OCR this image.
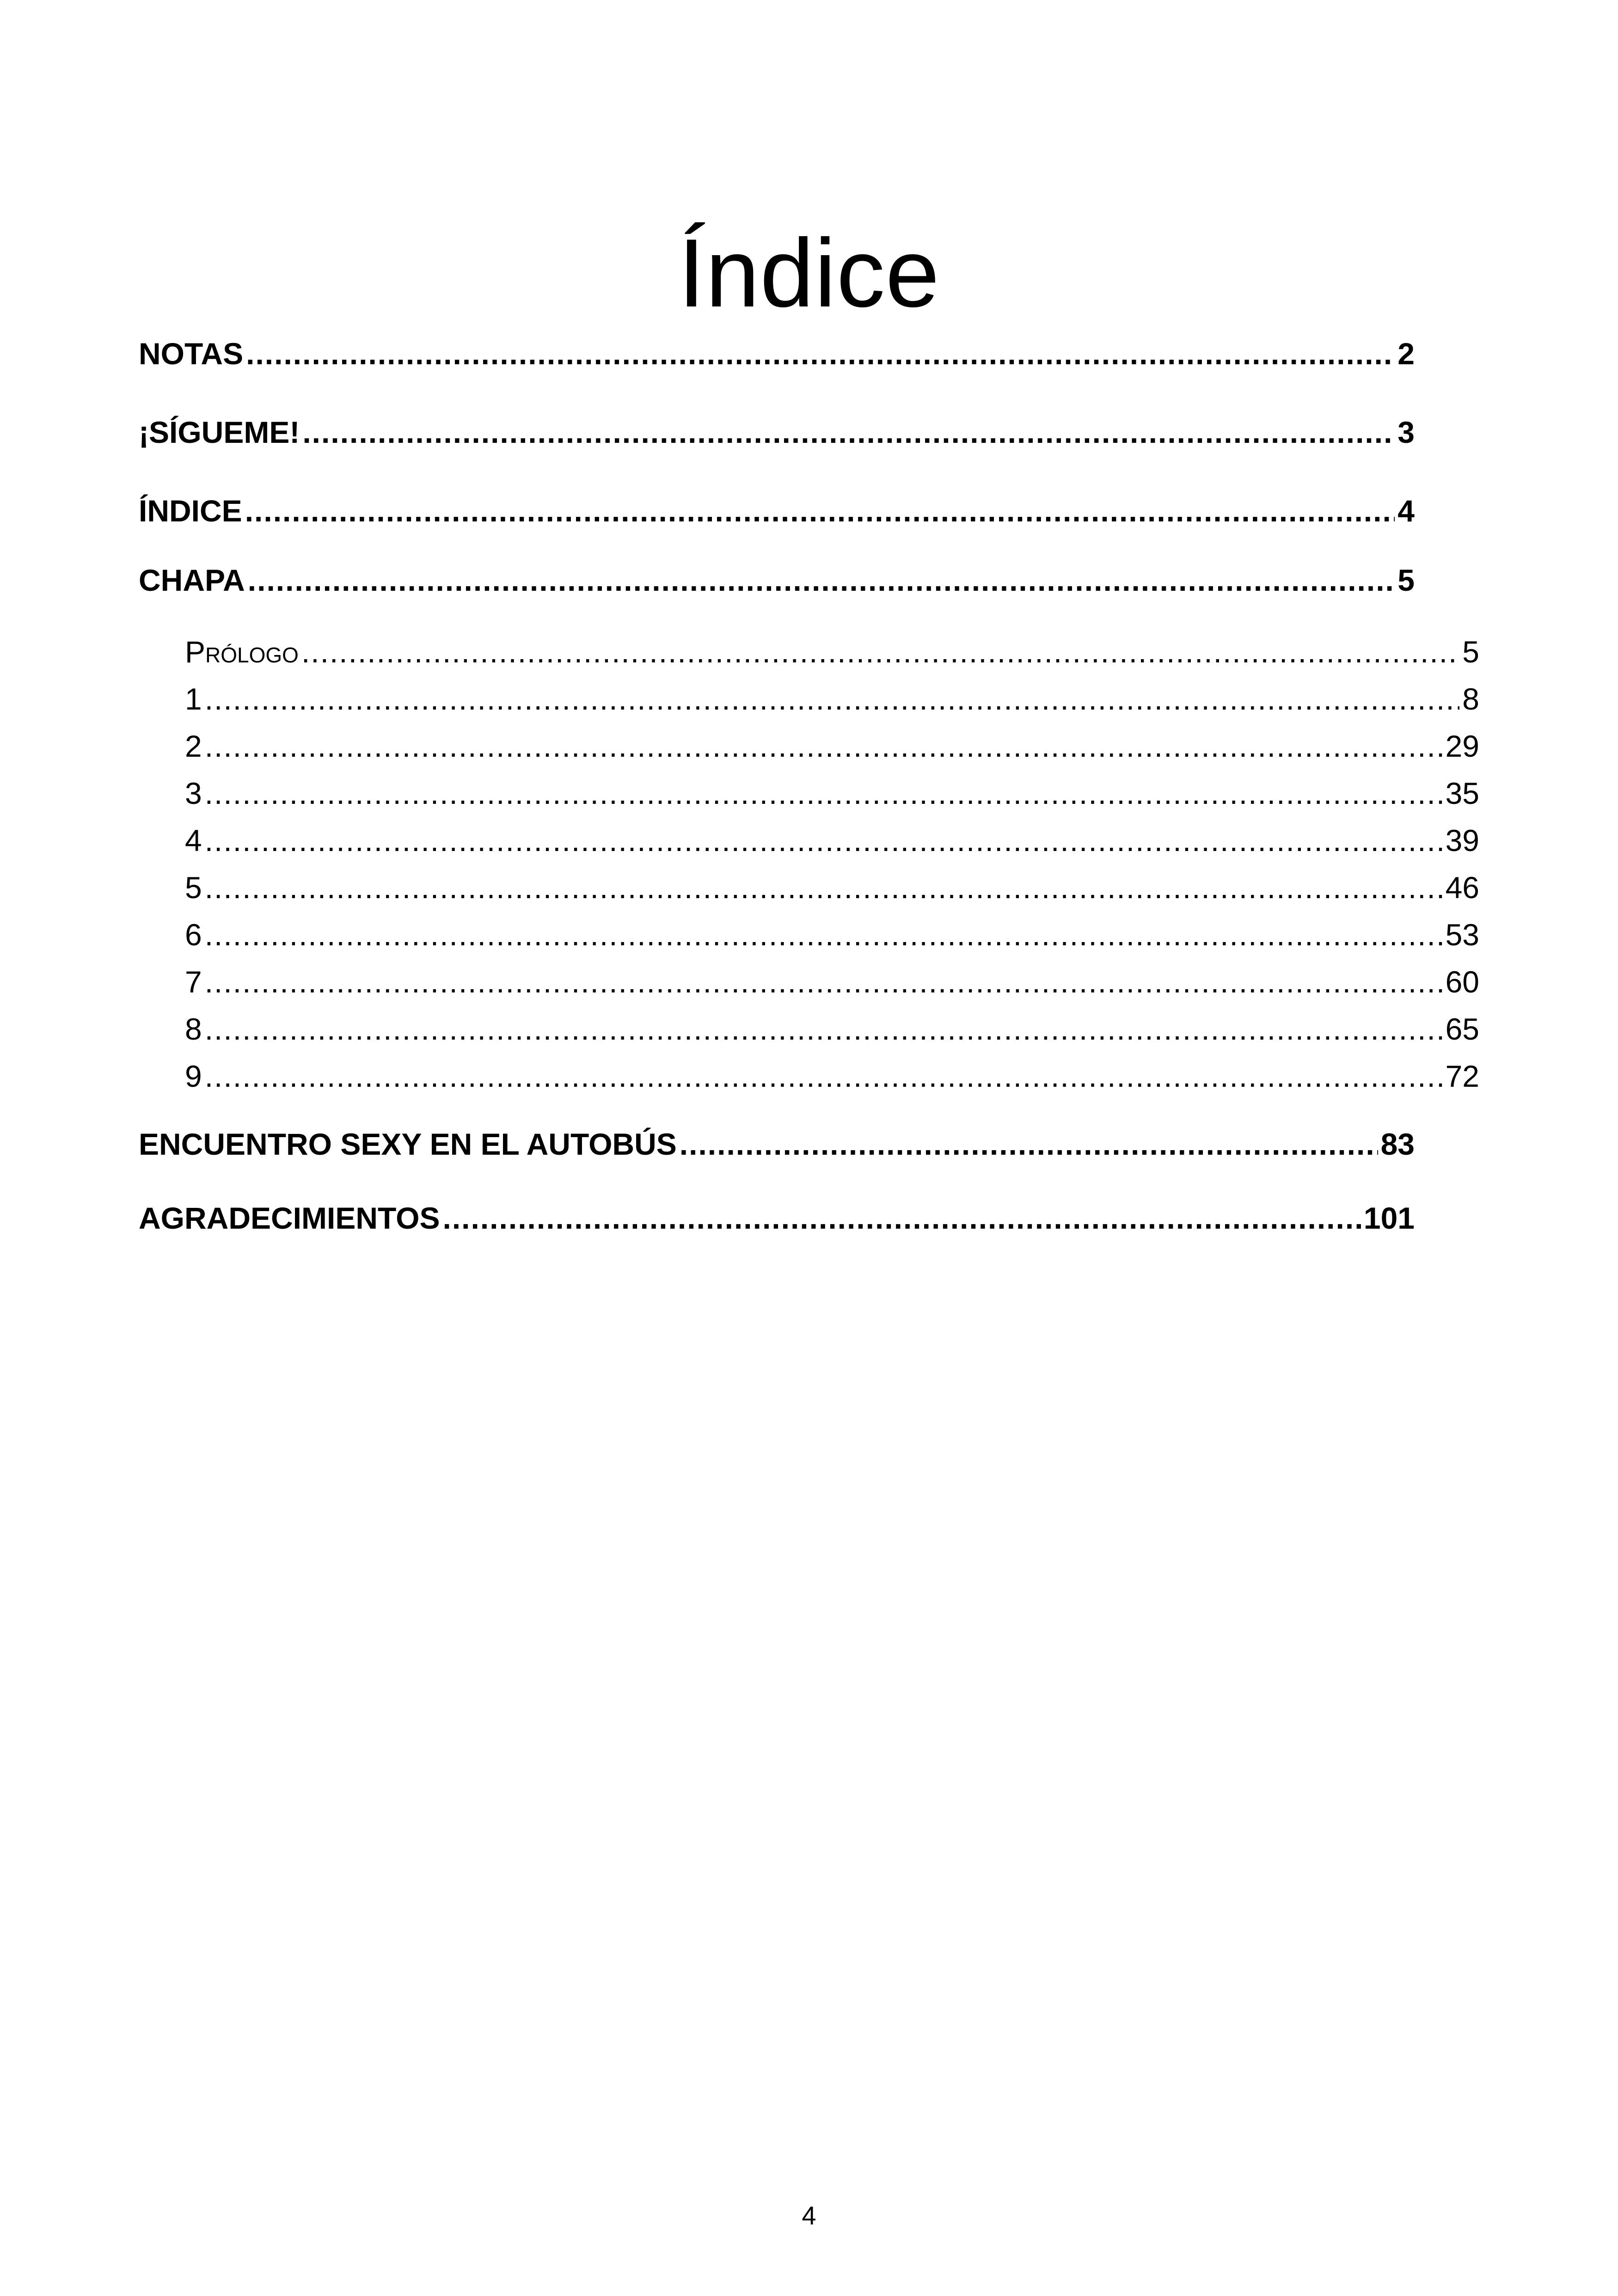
Índice
NOTAS .....	2
¡SÍGUEME! .....	3
ÍNDICE .....	4
CHAPA .....	5
Prólogo .....	5
1 .....	8
2 .....	29
3 .....	35
4 .....	39
5 .....	46
6 .....	53
7 .....	60
8 .....	65
9 .....	72
ENCUENTRO SEXY EN EL AUTOBÚS .....	83
AGRADECIMIENTOS .....	101
4
